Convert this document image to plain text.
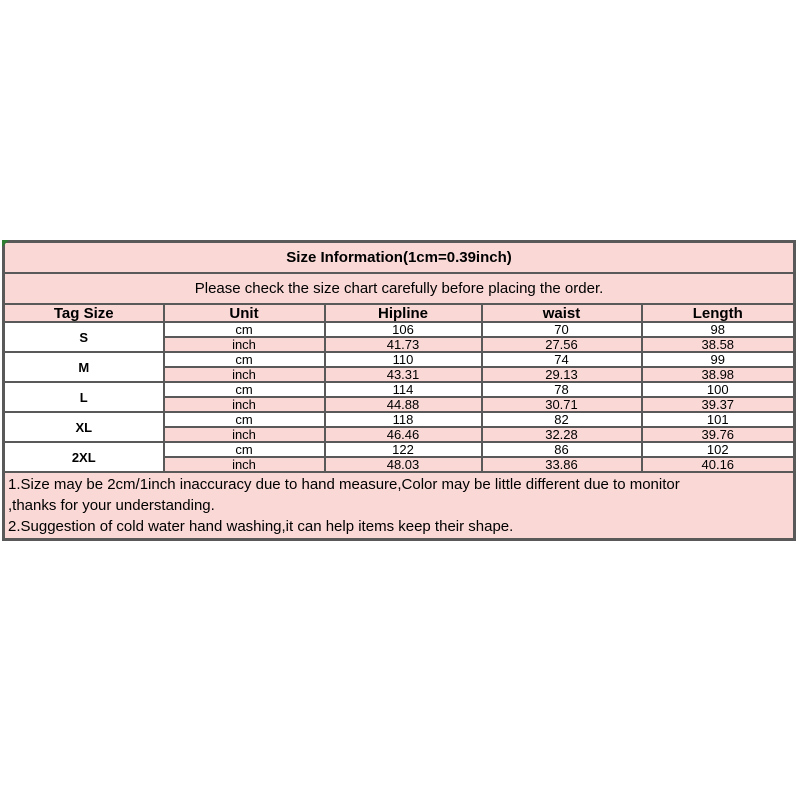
Size Information(1cm=0.39inch)				
Please check the size chart carefully before placing the order.				
Tag Size	Unit	Hipline	waist	Length
S	cm	106	70	98
	inch	41.73	27.56	38.58
M	cm	110	74	99
	inch	43.31	29.13	38.98
L	cm	114	78	100
	inch	44.88	30.71	39.37
XL	cm	118	82	101
	inch	46.46	32.28	39.76
2XL	cm	122	86	102
	inch	48.03	33.86	40.16

1.Size may be 2cm/1inch inaccuracy due to hand measure,Color may be little different due to monitor
,thanks for your understanding.
2.Suggestion of cold water hand washing,it can help items keep their shape.				
